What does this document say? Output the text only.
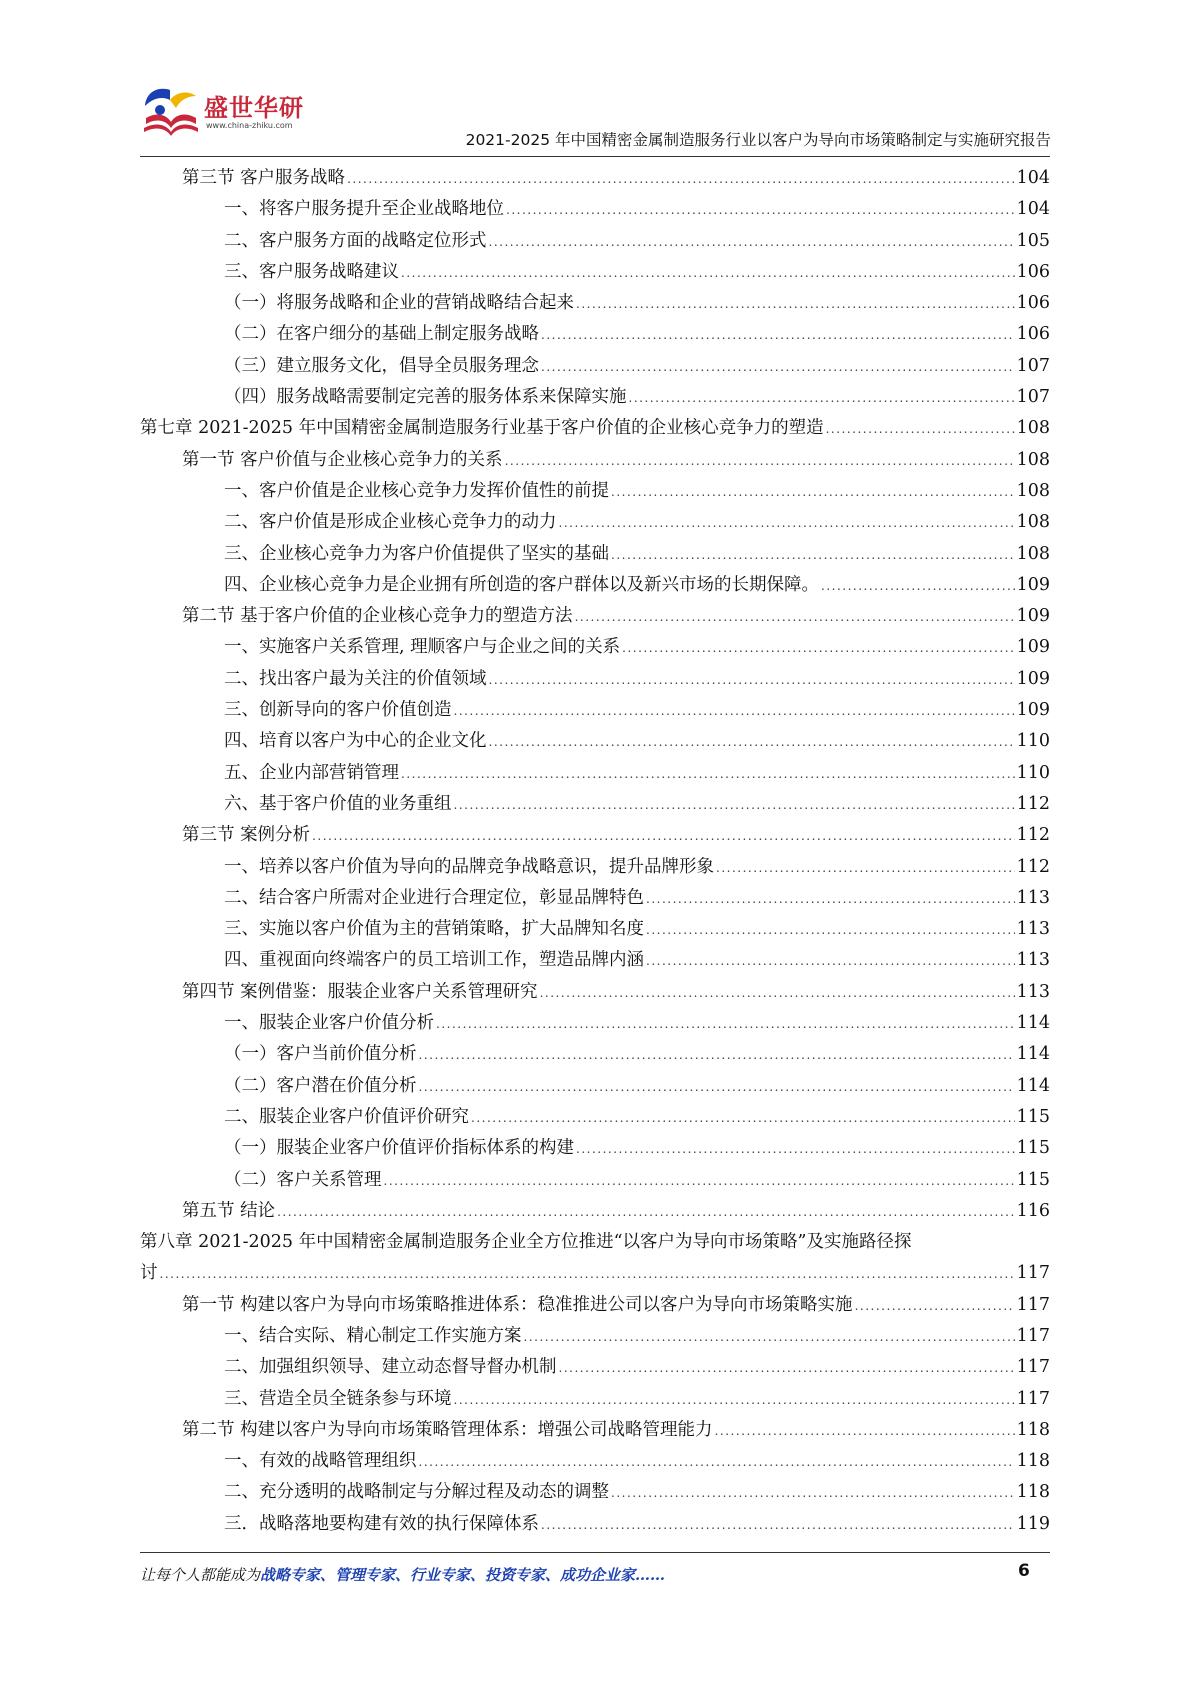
盛世华研
www.china-zhiku.com
2021-2025 年中国精密金属制造服务行业以客户为导向市场策略制定与实施研究报告
第三节 客户服务战略 .....	104
一、将客户服务提升至企业战略地位 .....	104
二、客户服务方面的战略定位形式 .....	105
三、客户服务战略建议 .....	106
（一）将服务战略和企业的营销战略结合起来 .....	106
（二）在客户细分的基础上制定服务战略 .....	106
（三）建立服务文化，倡导全员服务理念 .....	107
（四）服务战略需要制定完善的服务体系来保障实施 .....	107
第七章 2021-2025 年中国精密金属制造服务行业基于客户价值的企业核心竞争力的塑造 .....	108
第一节 客户价值与企业核心竞争力的关系 .....	108
一、客户价值是企业核心竞争力发挥价值性的前提 .....	108
二、客户价值是形成企业核心竞争力的动力 .....	108
三、企业核心竞争力为客户价值提供了坚实的基础 .....	108
四、企业核心竞争力是企业拥有所创造的客户群体以及新兴市场的长期保障。 .....	109
第二节 基于客户价值的企业核心竞争力的塑造方法 .....	109
一、实施客户关系管理, 理顺客户与企业之间的关系 .....	109
二、找出客户最为关注的价值领域 .....	109
三、创新导向的客户价值创造 .....	109
四、培育以客户为中心的企业文化 .....	110
五、企业内部营销管理 .....	110
六、基于客户价值的业务重组 .....	112
第三节 案例分析 .....	112
一、培养以客户价值为导向的品牌竞争战略意识，提升品牌形象 .....	112
二、结合客户所需对企业进行合理定位，彰显品牌特色 .....	113
三、实施以客户价值为主的营销策略，扩大品牌知名度 .....	113
四、重视面向终端客户的员工培训工作，塑造品牌内涵 .....	113
第四节 案例借鉴：服装企业客户关系管理研究 .....	113
一、服装企业客户价值分析 .....	114
（一）客户当前价值分析 .....	114
（二）客户潜在价值分析 .....	114
二、服装企业客户价值评价研究 .....	115
（一）服装企业客户价值评价指标体系的构建 .....	115
（二）客户关系管理 .....	115
第五节 结论 .....	116
第八章 2021-2025 年中国精密金属制造服务企业全方位推进“以客户为导向市场策略”及实施路径探
讨 .....	117
第一节 构建以客户为导向市场策略推进体系：稳准推进公司以客户为导向市场策略实施 .....	117
一、结合实际、精心制定工作实施方案 .....	117
二、加强组织领导、建立动态督导督办机制 .....	117
三、营造全员全链条参与环境 .....	117
第二节 构建以客户为导向市场策略管理体系：增强公司战略管理能力 .....	118
一、有效的战略管理组织 .....	118
二、充分透明的战略制定与分解过程及动态的调整 .....	118
三．战略落地要构建有效的执行保障体系 .....	119
让每个人都能成为战略专家、管理专家、行业专家、投资专家、成功企业家……	6
